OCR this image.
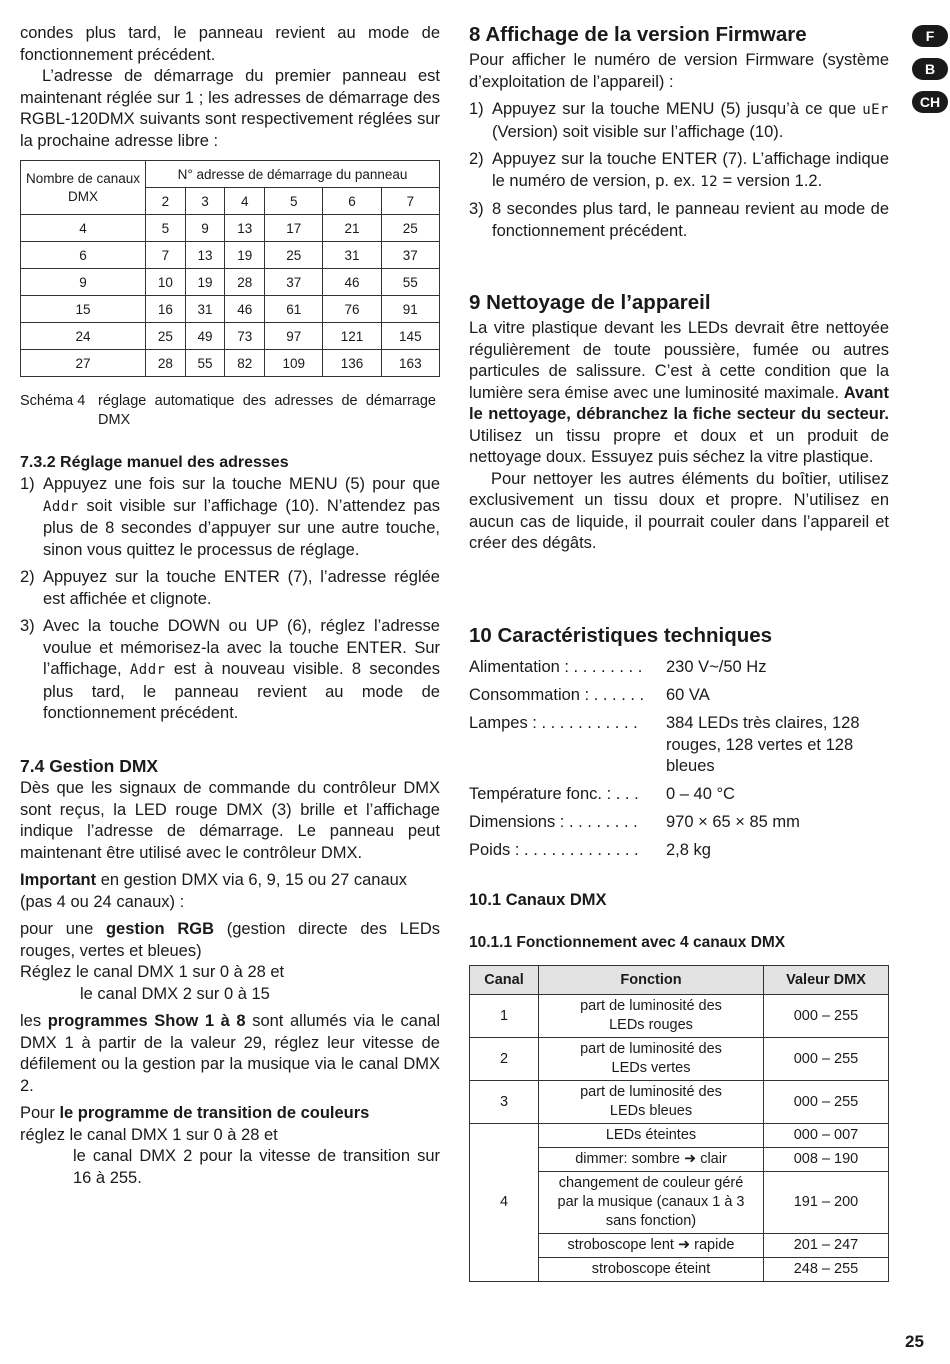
condes plus tard, le panneau revient au mode de fonctionnement précédent.

L’adresse de démarrage du premier panneau est maintenant réglée sur 1 ; les adresses de démarrage des RGBL-120DMX suivants sont respectivement réglées sur la prochaine adresse libre :

Nombre de canaux DMX	N° adresse de démarrage du panneau					
	2	3	4	5	6	7
4	5	9	13	17	21	25
6	7	13	19	25	31	37
9	10	19	28	37	46	55
15	16	31	46	61	76	91
24	25	49	73	97	121	145
27	28	55	82	109	136	163
Schéma 4 réglage automatique des adresses de démarrage DMX
7.3.2 Réglage manuel des adresses
1) Appuyez une fois sur la touche MENU (5) pour que Addr soit visible sur l’affichage (10). N’attendez pas plus de 8 secondes d’appuyer sur une autre touche, sinon vous quittez le processus de réglage.
2) Appuyez sur la touche ENTER (7), l’adresse réglée est affichée et clignote.
3) Avec la touche DOWN ou UP (6), réglez l’adresse voulue et mémorisez-la avec la touche ENTER. Sur l’affichage, Addr est à nouveau visible. 8 secondes plus tard, le panneau revient au mode de fonctionnement précédent.
7.4 Gestion DMX

Dès que les signaux de commande du contrôleur DMX sont reçus, la LED rouge DMX (3) brille et l’affichage indique l’adresse de démarrage. Le panneau peut maintenant être utilisé avec le contrôleur DMX.

Important en gestion DMX via 6, 9, 15 ou 27 canaux (pas 4 ou 24 canaux) :

pour une gestion RGB (gestion directe des LEDs rouges, vertes et bleues)

Réglez le canal DMX 1 sur 0 à 28 et

le canal DMX 2 sur 0 à 15

les programmes Show 1 à 8 sont allumés via le canal DMX 1 à partir de la valeur 29, réglez leur vitesse de défilement ou la gestion par la musique via le canal DMX 2.

Pour le programme de transition de couleurs

réglez le canal DMX 1 sur 0 à 28 et

le canal DMX 2 pour la vitesse de transition sur 16 à 255.

8 Affichage de la version Firmware

Pour afficher le numéro de version Firmware (système d’exploitation de l’appareil) :

1) Appuyez sur la touche MENU (5) jusqu’à ce que uEr (Version) soit visible sur l’affichage (10).
2) Appuyez sur la touche ENTER (7). L’affichage indique le numéro de version, p. ex. 12 = version 1.2.
3) 8 secondes plus tard, le panneau revient au mode de fonctionnement précédent.
9 Nettoyage de l’appareil

La vitre plastique devant les LEDs devrait être nettoyée régulièrement de toute poussière, fumée ou autres particules de salissure. C’est à cette condition que la lumière sera émise avec une luminosité maximale. Avant le nettoyage, débranchez la fiche secteur du secteur. Utilisez un tissu propre et doux et un produit de nettoyage doux. Essuyez puis séchez la vitre plastique.

Pour nettoyer les autres éléments du boîtier, utilisez exclusivement un tissu doux et propre. N’utilisez en aucun cas de liquide, il pourrait couler dans l’appareil et créer des dégâts.

10 Caractéristiques techniques
Alimentation : . . . . . . . . 230 V~/50 Hz
Consommation : . . . . . . 60 VA
Lampes : . . . . . . . . . . . 384 LEDs très claires, 128 rouges, 128 vertes et 128 bleues
Température fonc. : . . . 0 – 40 °C
Dimensions : . . . . . . . . 970 × 65 × 85 mm
Poids : . . . . . . . . . . . . . 2,8 kg
10.1 Canaux DMX
10.1.1 Fonctionnement avec 4 canaux DMX
Canal	Fonction	Valeur DMX
1	part de luminosité des LEDs rouges	000 – 255
2	part de luminosité des LEDs vertes	000 – 255
3	part de luminosité des LEDs bleues	000 – 255
4	LEDs éteintes	000 – 007
	dimmer: sombre ➜ clair	008 – 190
	changement de couleur géré par la musique (canaux 1 à 3 sans fonction)	191 – 200
	stroboscope lent ➜ rapide	201 – 247
	stroboscope éteint	248 – 255
F
B
CH
25
